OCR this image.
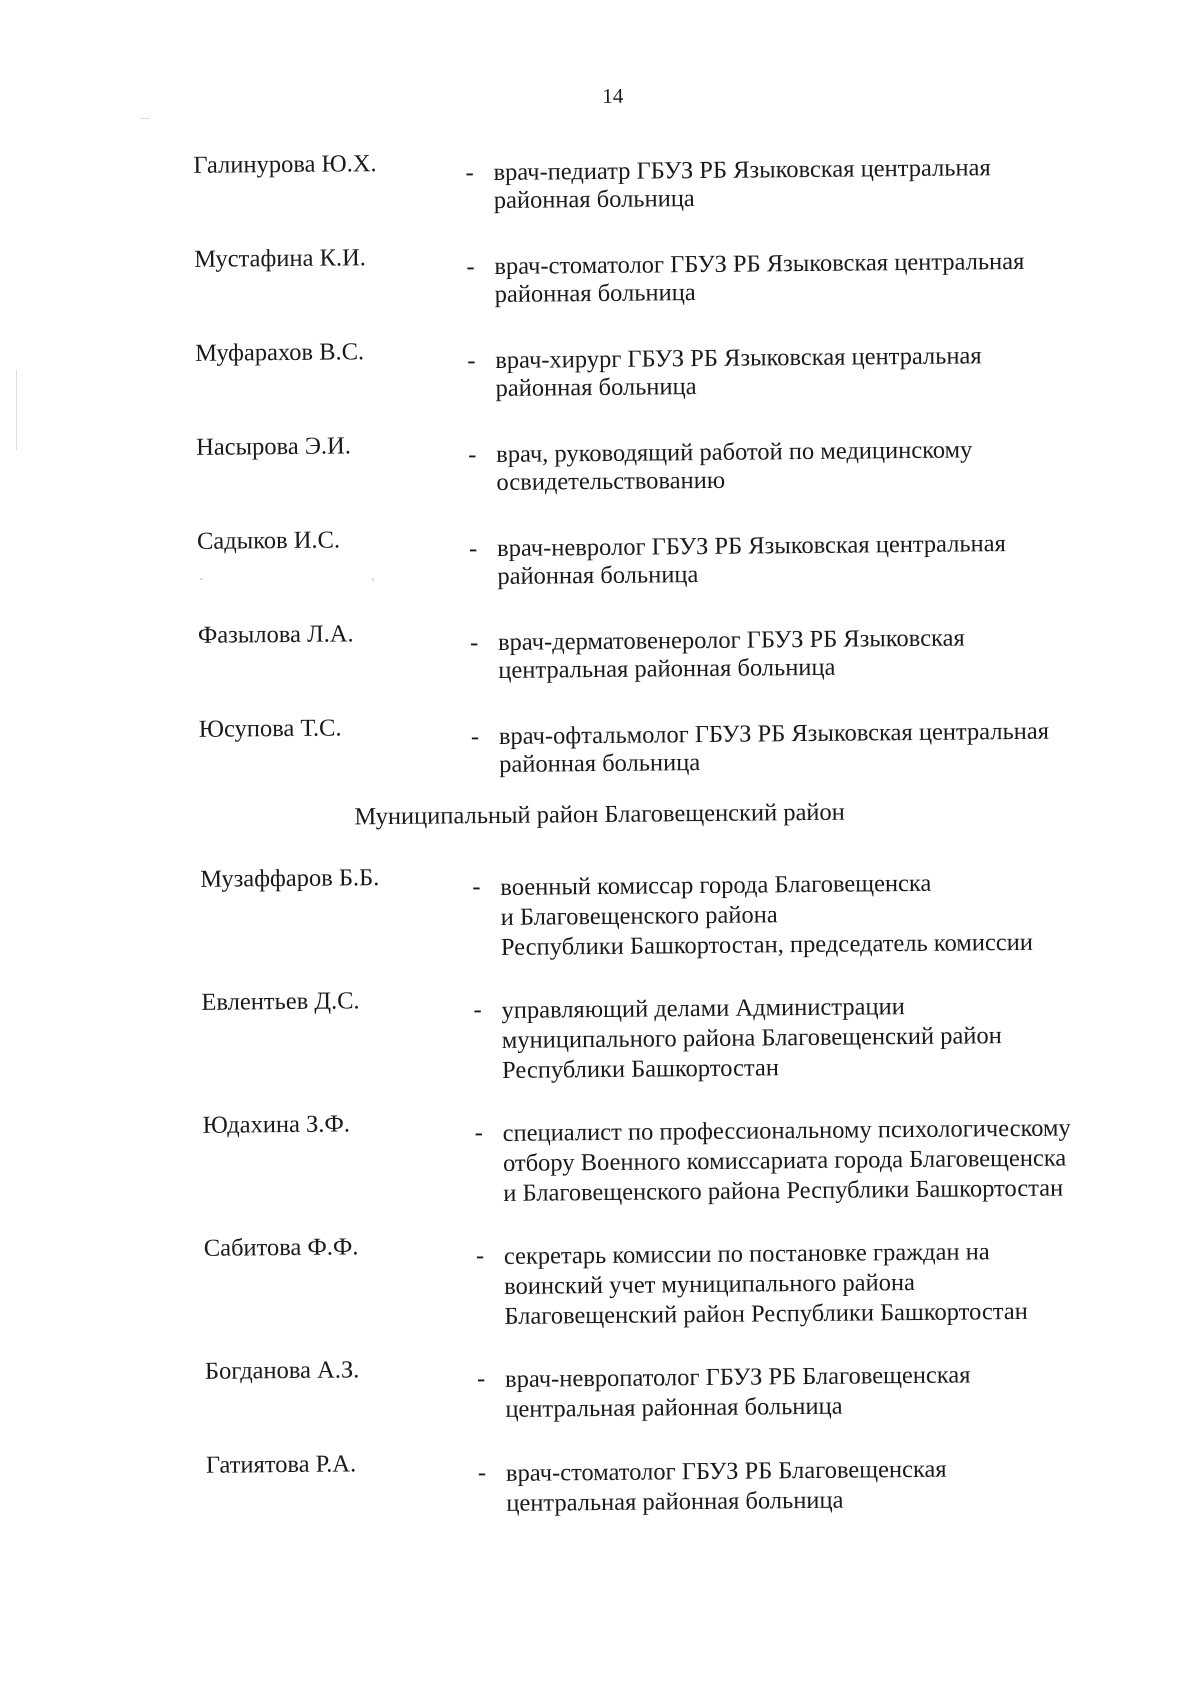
14
Галинурова Ю.Х.	- врач-педиатр ГБУЗ РБ Языковская центральная
районная больница
Мустафина К.И.	- врач-стоматолог ГБУЗ РБ Языковская центральная
районная больница
Муфарахов В.С.	- врач-хирург ГБУЗ РБ Языковская центральная
районная больница
Насырова Э.И.	- врач, руководящий работой по медицинскому
освидетельствованию
Садыков И.С.	- врач-невролог ГБУЗ РБ Языковская центральная
районная больница
Фазылова Л.А.	- врач-дерматовенеролог ГБУЗ РБ Языковская
центральная районная больница
Юсупова Т.С.	- врач-офтальмолог ГБУЗ РБ Языковская центральная
районная больница
Муниципальный район Благовещенский район
Музаффаров Б.Б.	- военный комиссар города Благовещенска
и Благовещенского района
Республики Башкортостан, председатель комиссии
Евлентьев Д.С.	- управляющий делами Администрации
муниципального района Благовещенский район
Республики Башкортостан
Юдахина З.Ф.	- специалист по профессиональному психологическому
отбору Военного комиссариата города Благовещенска
и Благовещенского района Республики Башкортостан
Сабитова Ф.Ф.	- секретарь комиссии по постановке граждан на
воинский учет муниципального района
Благовещенский район Республики Башкортостан
Богданова А.З.	- врач-невропатолог ГБУЗ РБ Благовещенская
центральная районная больница
Гатиятова Р.А.	- врач-стоматолог ГБУЗ РБ Благовещенская
центральная районная больница
